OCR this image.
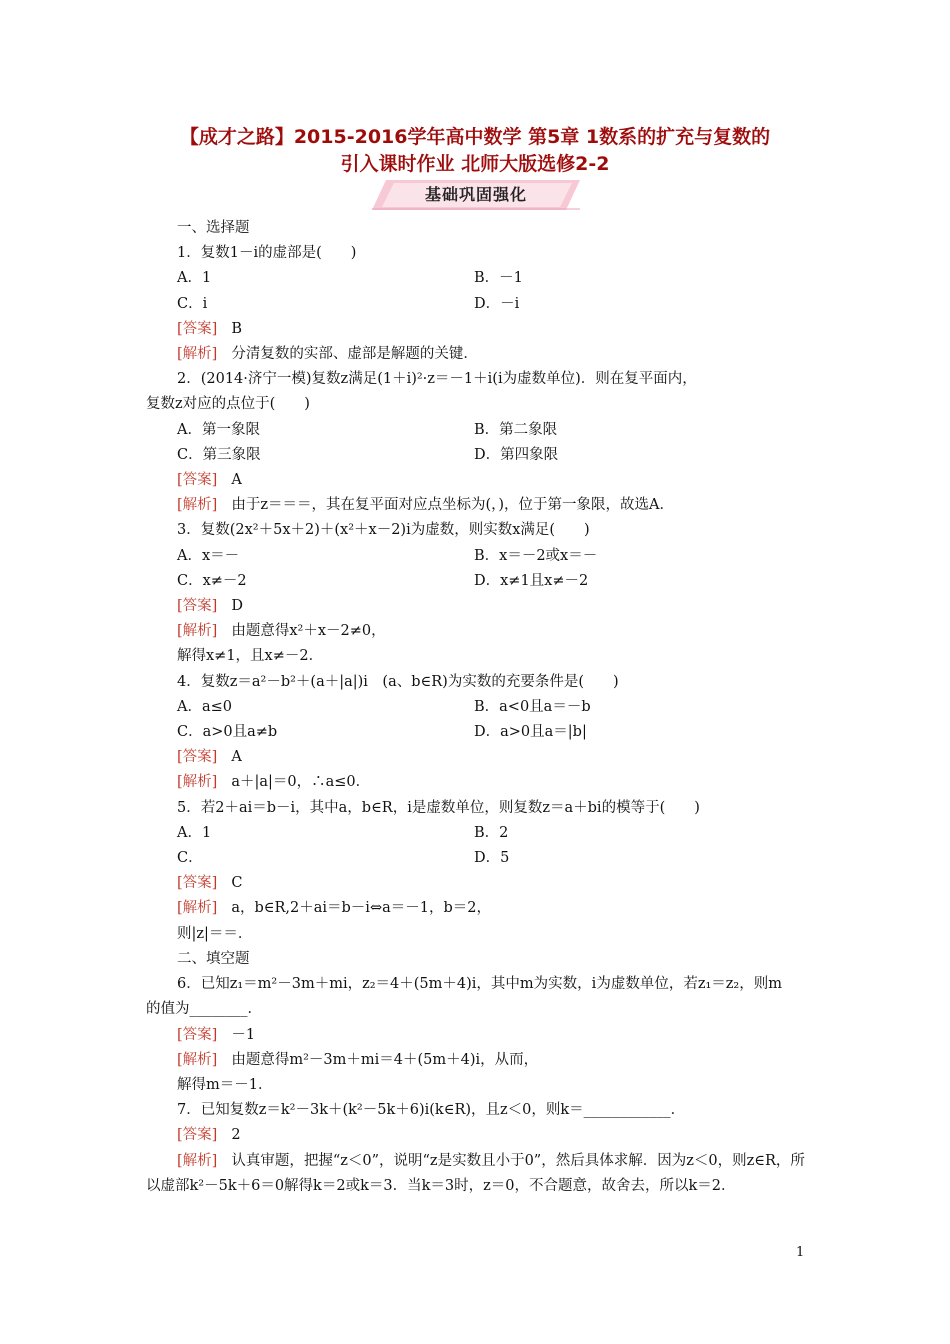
【成才之路】2015-2016学年高中数学 第5章 1数系的扩充与复数的
引入课时作业 北师大版选修2-2
基础巩固强化

一、选择题

1．复数1－i的虚部是(　　)

A．1	B．－1
C．i	D．－i

[答案] B

[解析] 分清复数的实部、虚部是解题的关键．

2．(2014·济宁一模)复数z满足(1＋i)²·z＝－1＋i(i为虚数单位)．则在复平面内，

复数z对应的点位于(　　)

A．第一象限	B．第二象限
C．第三象限	D．第四象限

[答案] A

[解析] 由于z＝＝＝，其在复平面对应点坐标为(，)，位于第一象限，故选A．

3．复数(2x²＋5x＋2)＋(x²＋x－2)i为虚数，则实数x满足(　　)

A．x＝－	B．x＝－2或x＝－
C．x≠－2	D．x≠1且x≠－2

[答案] D

[解析] 由题意得x²＋x－2≠0，

解得x≠1，且x≠－2．

4．复数z＝a²－b²＋(a＋|a|)i　(a、b∈R)为实数的充要条件是(　　)

A．a≤0	B．a<0且a＝－b
C．a>0且a≠b	D．a>0且a＝|b|

[答案] A

[解析] a＋|a|＝0，∴a≤0．

5．若2＋ai＝b－i，其中a，b∈R，i是虚数单位，则复数z＝a＋bi的模等于(　　)

A．1	B．2
C．	D．5

[答案] C

[解析] a，b∈R,2＋ai＝b－i⇔a＝－1，b＝2，

则|z|＝＝．

二、填空题

6．已知z₁＝m²－3m＋mi，z₂＝4＋(5m＋4)i，其中m为实数，i为虚数单位，若z₁＝z₂，则m

的值为________．

[答案] －1

[解析] 由题意得m²－3m＋mi＝4＋(5m＋4)i，从而，

解得m＝－1．

7．已知复数z＝k²－3k＋(k²－5k＋6)i(k∈R)，且z＜0，则k＝____________．

[答案] 2

[解析] 认真审题，把握“z＜0”，说明“z是实数且小于0”，然后具体求解．因为z＜0，则z∈R，所以虚部k²－5k＋6＝0解得k＝2或k＝3．当k＝3时，z＝0，不合题意，故舍去，所以k＝2．

1
